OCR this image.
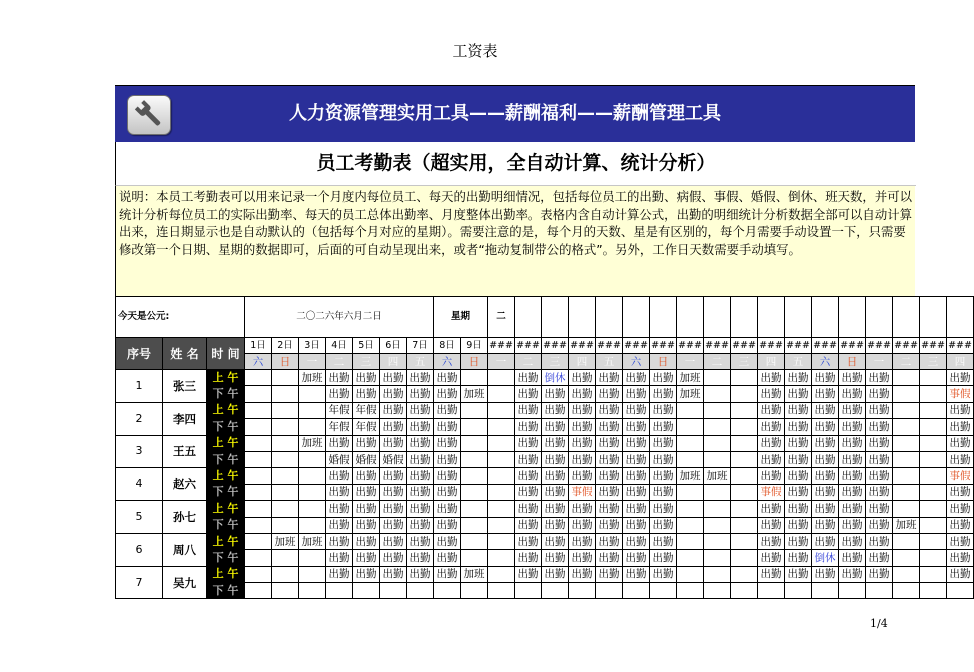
工资表
人力资源管理实用工具——薪酬福利——薪酬管理工具
员工考勤表（超实用，全自动计算、统计分析）
说明：本员工考勤表可以用来记录一个月度内每位员工、每天的出勤明细情况，包括每位员工的出勤、病假、事假、婚假、倒休、班天数，并可以统计分析每位员工的实际出勤率、每天的员工总体出勤率、月度整体出勤率。表格内含自动计算公式，出勤的明细统计分析数据全部可以自动计算出来，连日期显示也是自动默认的（包括每个月对应的星期）。需要注意的是，每个月的天数、星是有区别的，每个月需要手动设置一下，只需要修改第一个日期、星期的数据即可，后面的可自动呈现出来，或者“拖动复制带公的格式”。另外，工作日天数需要手动填写。
今天是公元:			二〇二六年六月二日							星期		二																	
序号	姓 名	时 间	1日	2日	3日	4日	5日	6日	7日	8日	9日	###	###	###	###	###	###	###	###	###	###	###	###	###	###	###	###	###	###
			六	日	一	二	三	四	五	六	日	一	二	三	四	五	六	日	一	二	三	四	五	六	日	一	二	三	四
1	张三	上 午			加班	出勤	出勤	出勤	出勤	出勤			出勤	倒休	出勤	出勤	出勤	出勤	加班			出勤	出勤	出勤	出勤	出勤			出勤
		下 午				出勤	出勤	出勤	出勤	出勤	加班		出勤	出勤	出勤	出勤	出勤	出勤	加班			出勤	出勤	出勤	出勤	出勤			事假
2	李四	上 午				年假	年假	出勤	出勤	出勤			出勤	出勤	出勤	出勤	出勤	出勤				出勤	出勤	出勤	出勤	出勤			出勤
		下 午				年假	年假	出勤	出勤	出勤			出勤	出勤	出勤	出勤	出勤	出勤				出勤	出勤	出勤	出勤	出勤			出勤
3	王五	上 午			加班	出勤	出勤	出勤	出勤	出勤			出勤	出勤	出勤	出勤	出勤	出勤				出勤	出勤	出勤	出勤	出勤			出勤
		下 午				婚假	婚假	婚假	出勤	出勤			出勤	出勤	出勤	出勤	出勤	出勤				出勤	出勤	出勤	出勤	出勤			出勤
4	赵六	上 午				出勤	出勤	出勤	出勤	出勤			出勤	出勤	出勤	出勤	出勤	出勤	加班	加班		出勤	出勤	出勤	出勤	出勤			事假
		下 午				出勤	出勤	出勤	出勤	出勤			出勤	出勤	事假	出勤	出勤	出勤				事假	出勤	出勤	出勤	出勤			出勤
5	孙七	上 午				出勤	出勤	出勤	出勤	出勤			出勤	出勤	出勤	出勤	出勤	出勤				出勤	出勤	出勤	出勤	出勤			出勤
		下 午				出勤	出勤	出勤	出勤	出勤			出勤	出勤	出勤	出勤	出勤	出勤				出勤	出勤	出勤	出勤	出勤	加班		出勤
6	周八	上 午		加班	加班	出勤	出勤	出勤	出勤	出勤			出勤	出勤	出勤	出勤	出勤	出勤				出勤	出勤	出勤	出勤	出勤			出勤
		下 午				出勤	出勤	出勤	出勤	出勤			出勤	出勤	出勤	出勤	出勤	出勤				出勤	出勤	倒休	出勤	出勤			出勤
7	吴九	上 午				出勤	出勤	出勤	出勤	出勤	加班		出勤	出勤	出勤	出勤	出勤	出勤				出勤	出勤	出勤	出勤	出勤			出勤
		下 午																											
1/4
